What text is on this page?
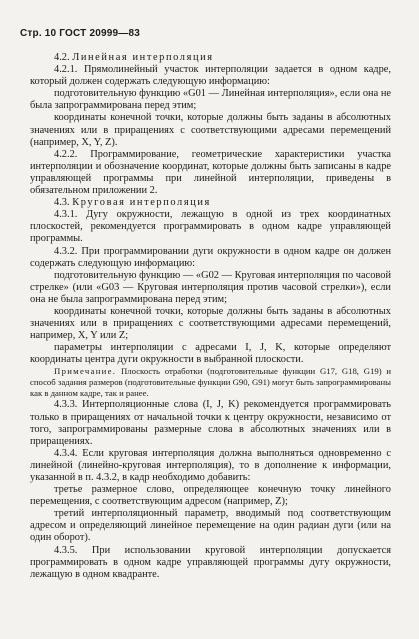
Стр. 10 ГОСТ 20999—83

4.2. Линейная интерполяция

4.2.1. Прямолинейный участок интерполяции задается в одном кадре, который должен содержать следующую информацию:

подготовительную функцию «G01 — Линейная интерполяция», если она не была запрограммирована перед этим;

координаты конечной точки, которые должны быть заданы в абсолютных значениях или в приращениях с соответствующими адресами перемещений (например, X, Y, Z).

4.2.2. Программирование, геометрические характеристики участка интерполяции и обозначение координат, которые должны быть записаны в кадре управляющей программы при линейной интерполяции, приведены в обязательном приложении 2.

4.3. Круговая интерполяция

4.3.1. Дугу окружности, лежащую в одной из трех координатных плоскостей, рекомендуется программировать в одном кадре управляющей программы.

4.3.2. При программировании дуги окружности в одном кадре он должен содержать следующую информацию:

подготовительную функцию — «G02 — Круговая интерполяция по часовой стрелке» (или «G03 — Круговая интерполяция против часовой стрелки»), если она не была запрограммирована перед этим;

координаты конечной точки, которые должны быть заданы в абсолютных значениях или в приращениях с соответствующими адресами перемещений, например, X, Y или Z;

параметры интерполяции с адресами I, J, K, которые определяют координаты центра дуги окружности в выбранной плоскости.

Примечание. Плоскость отработки (подготовительные функции G17, G18, G19) и способ задания размеров (подготовительные функции G90, G91) могут быть запрограммированы как в данном кадре, так и ранее.

4.3.3. Интерполяционные слова (I, J, K) рекомендуется программировать только в приращениях от начальной точки к центру окружности, независимо от того, запрограммированы размерные слова в абсолютных значениях или в приращениях.

4.3.4. Если круговая интерполяция должна выполняться одновременно с линейной (линейно-круговая интерполяция), то в дополнение к информации, указанной в п. 4.3.2, в кадр необходимо добавить:

третье размерное слово, определяющее конечную точку линейного перемещения, с соответствующим адресом (например, Z);

третий интерполяционный параметр, вводимый под соответствующим адресом и определяющий линейное перемещение на один радиан дуги (или на один оборот).

4.3.5. При использовании круговой интерполяции допускается программировать в одном кадре управляющей программы дугу окружности, лежащую в одном квадранте.
